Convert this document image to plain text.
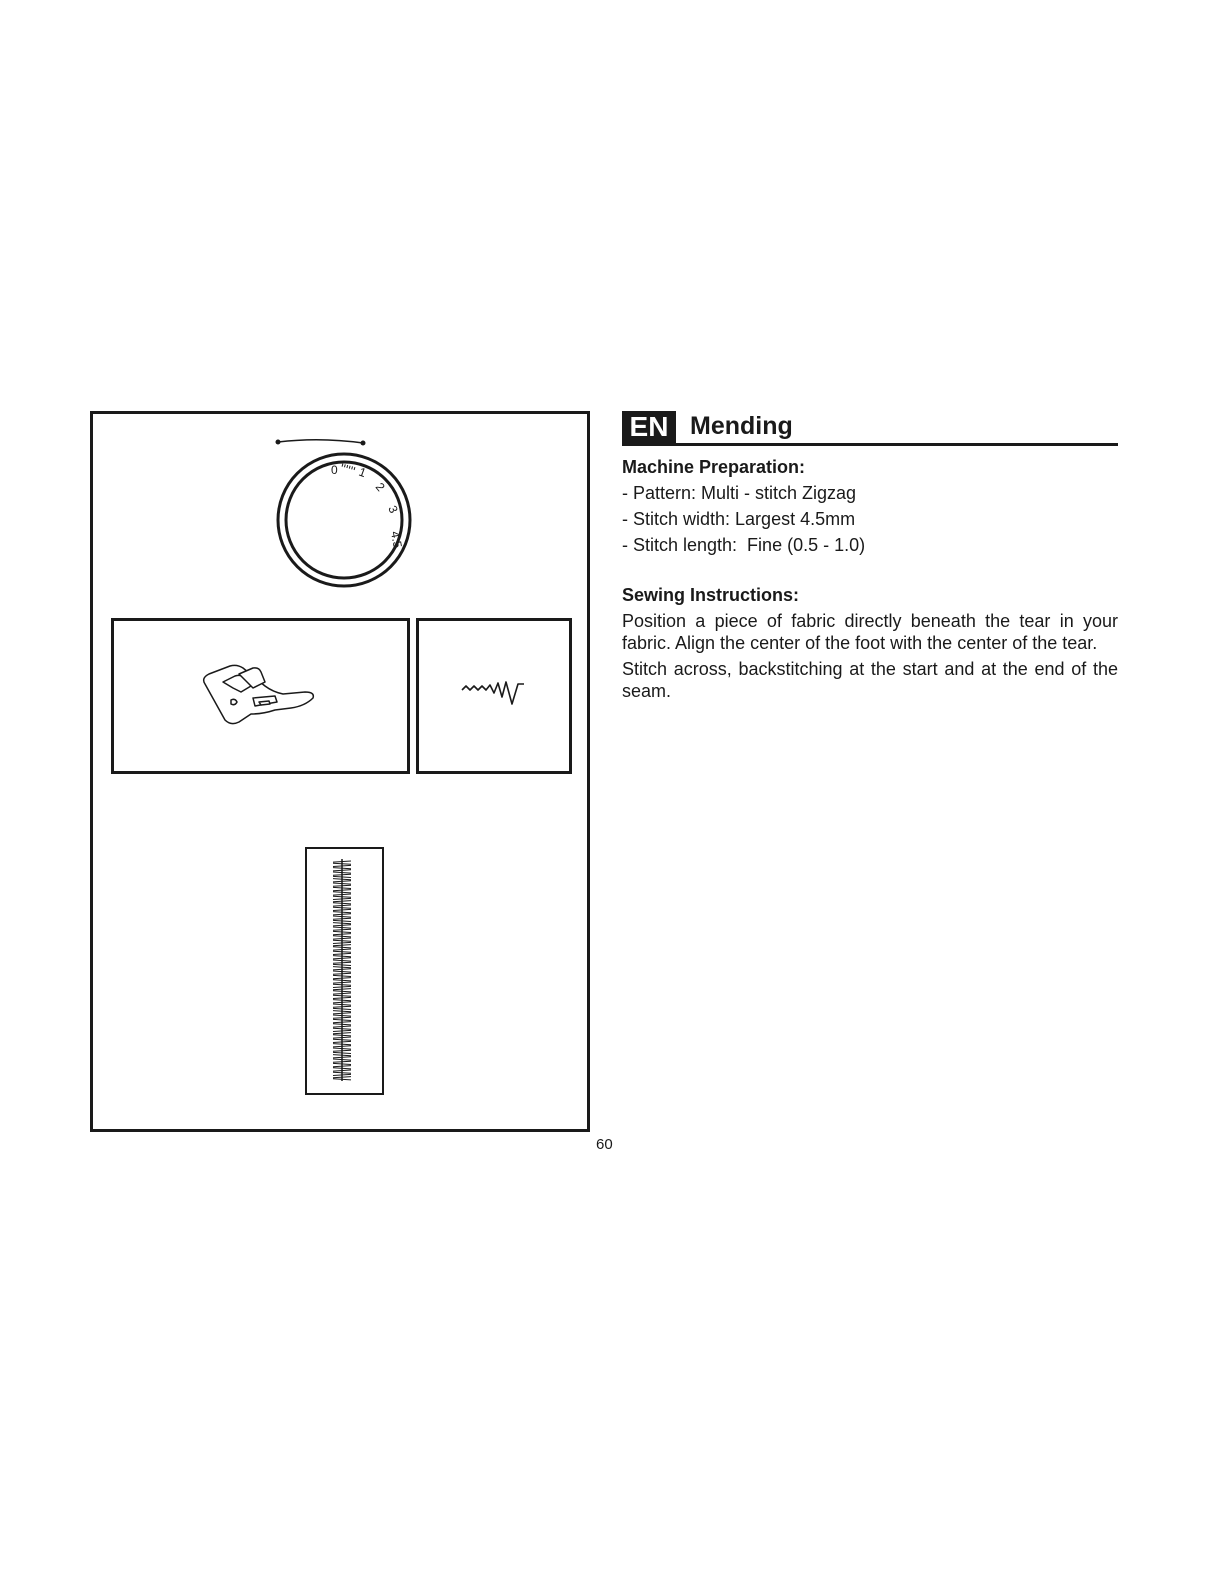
0 1
2
3
4.5
EN Mending
Machine Preparation:
- Pattern: Multi - stitch Zigzag
- Stitch width: Largest 4.5mm
- Stitch length:  Fine (0.5 - 1.0)
Sewing Instructions:
Position a piece of fabric directly beneath the tear in your fabric. Align the center of the foot with the center of the tear.
Stitch across, backstitching at the start and at the end of the seam.
60
